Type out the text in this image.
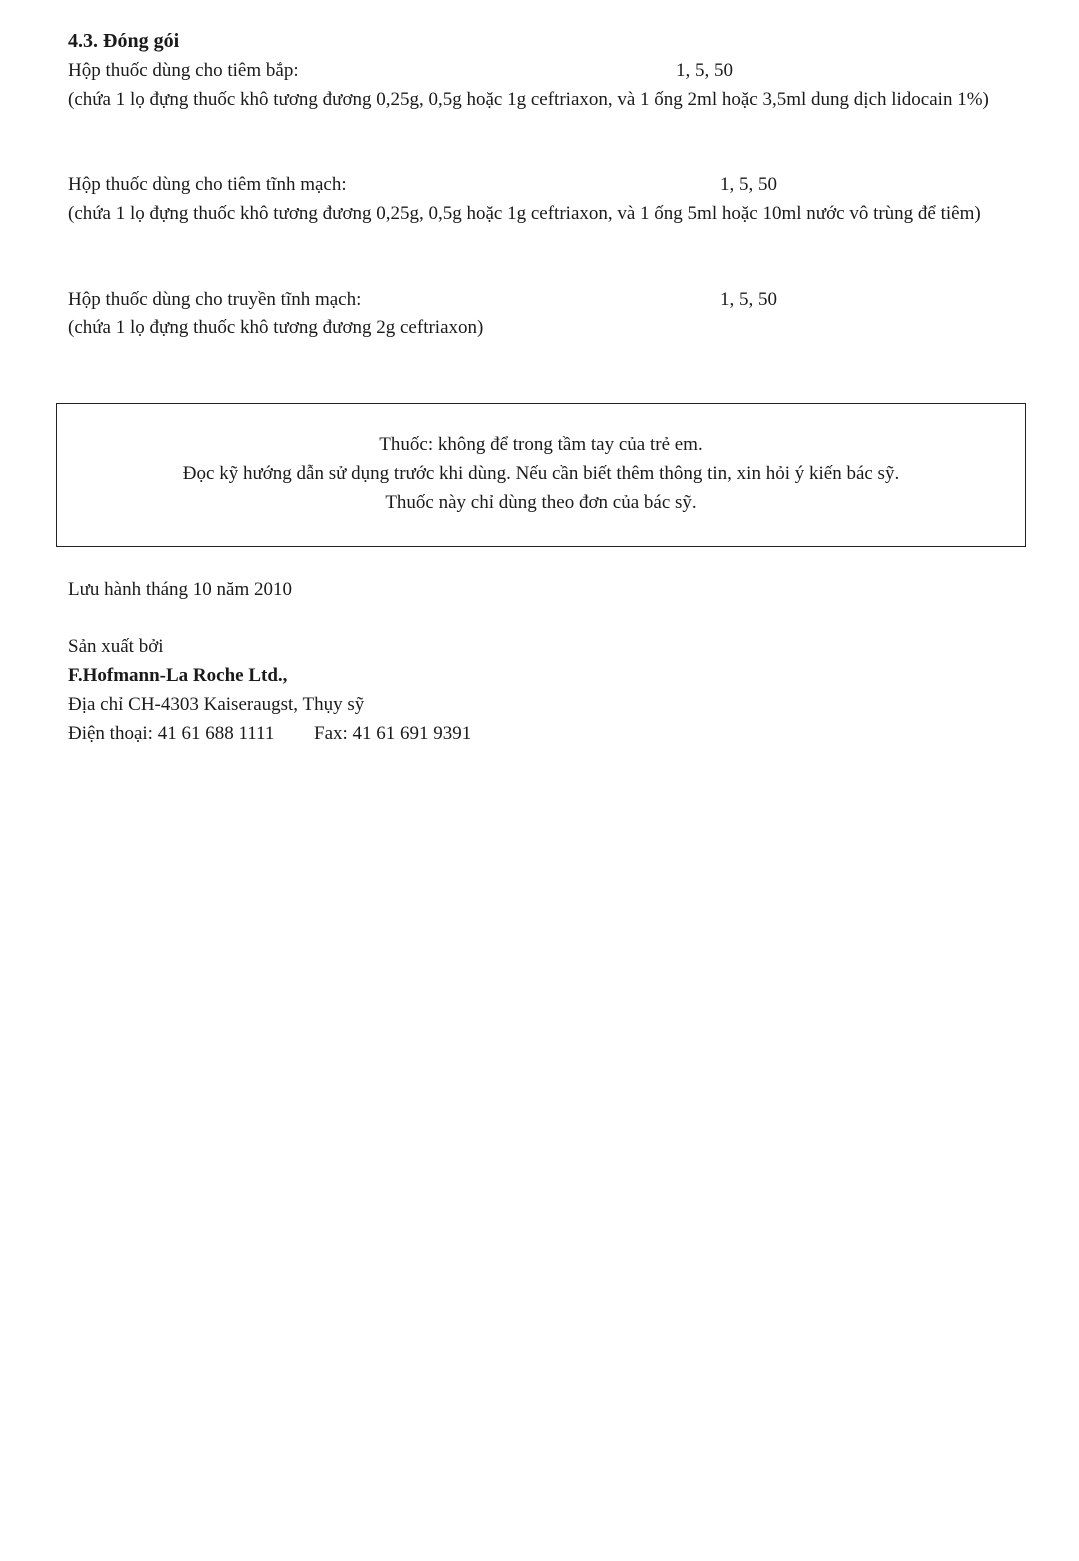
4.3. Đóng gói
Hộp thuốc dùng cho tiêm bắp:	1, 5, 50
(chứa 1 lọ đựng thuốc khô tương đương 0,25g, 0,5g hoặc 1g ceftriaxon, và 1 ống 2ml hoặc 3,5ml dung dịch lidocain 1%)
Hộp thuốc dùng cho tiêm tĩnh mạch:	1, 5, 50
(chứa 1 lọ đựng thuốc khô tương đương 0,25g, 0,5g hoặc 1g ceftriaxon, và 1 ống 5ml hoặc 10ml nước vô trùng để tiêm)
Hộp thuốc dùng cho truyền tĩnh mạch:	1, 5, 50
(chứa 1 lọ đựng thuốc khô tương đương 2g ceftriaxon)
Thuốc: không để trong tầm tay của trẻ em.
Đọc kỹ hướng dẫn sử dụng trước khi dùng. Nếu cần biết thêm thông tin, xin hỏi ý kiến bác sỹ.
Thuốc này chỉ dùng theo đơn của bác sỹ.
Lưu hành tháng 10 năm 2010
Sản xuất bởi
F.Hofmann-La Roche Ltd.,
Địa chỉ CH-4303 Kaiseraugst, Thụy sỹ
Điện thoại: 41 61 688 1111 Fax: 41 61 691 9391
